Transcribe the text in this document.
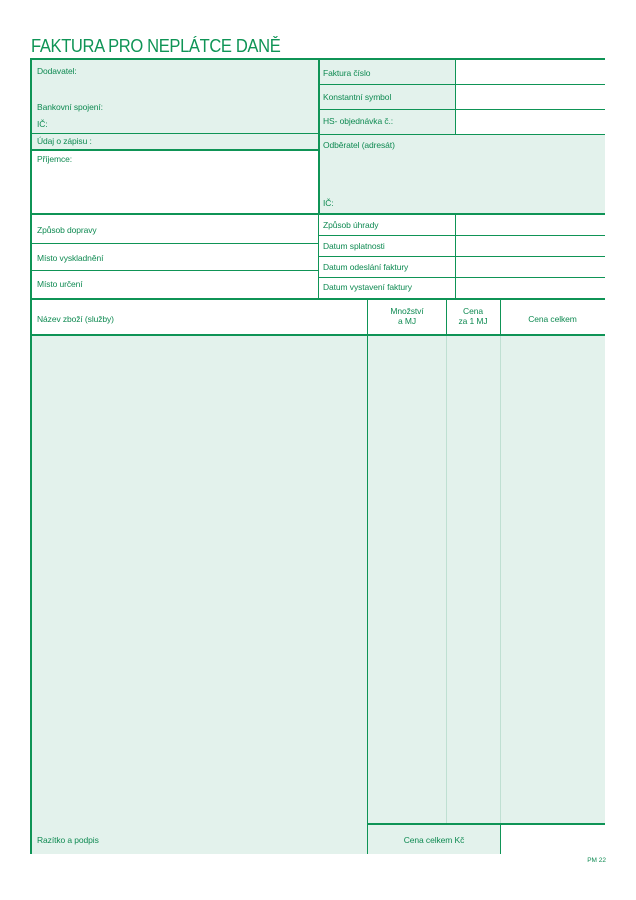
FAKTURA PRO NEPLÁTCE DANĚ
Dodavatel:
Bankovní spojení:
IČ:
Údaj o zápisu :
Příjemce:
Faktura číslo
Konstantní symbol
HS- objednávka č.:
Odběratel (adresát)
IČ:
Způsob dopravy
Místo vyskladnění
Místo určení
Způsob úhrady
Datum splatnosti
Datum odeslání faktury
Datum vystavení faktury
Název zboží (služby)
Množství
a MJ
Cena
za 1 MJ	Cena celkem
Razítko a podpis	Cena celkem Kč
PM 22
